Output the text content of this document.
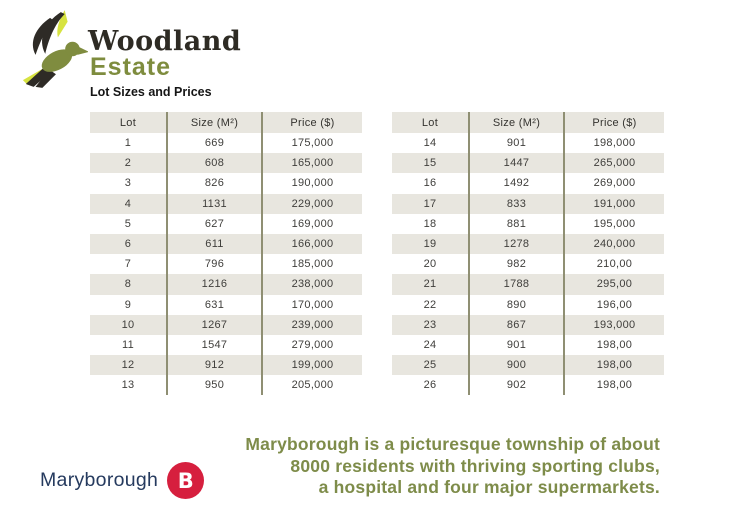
Woodland
Estate
Lot Sizes and Prices
Lot	Size (M²)	Price ($)
1	669	175,000
2	608	165,000
3	826	190,000
4	1131	229,000
5	627	169,000
6	611	166,000
7	796	185,000
8	1216	238,000
9	631	170,000
10	1267	239,000
11	1547	279,000
12	912	199,000
13	950	205,000
Lot	Size (M²)	Price ($)
14	901	198,000
15	1447	265,000
16	1492	269,000
17	833	191,000
18	881	195,000
19	1278	240,000
20	982	210,00
21	1788	295,00
22	890	196,00
23	867	193,000
24	901	198,00
25	900	198,00
26	902	198,00
Maryborough B
Maryborough is a picturesque township of about
8000 residents with thriving sporting clubs,
a hospital and four major supermarkets.
